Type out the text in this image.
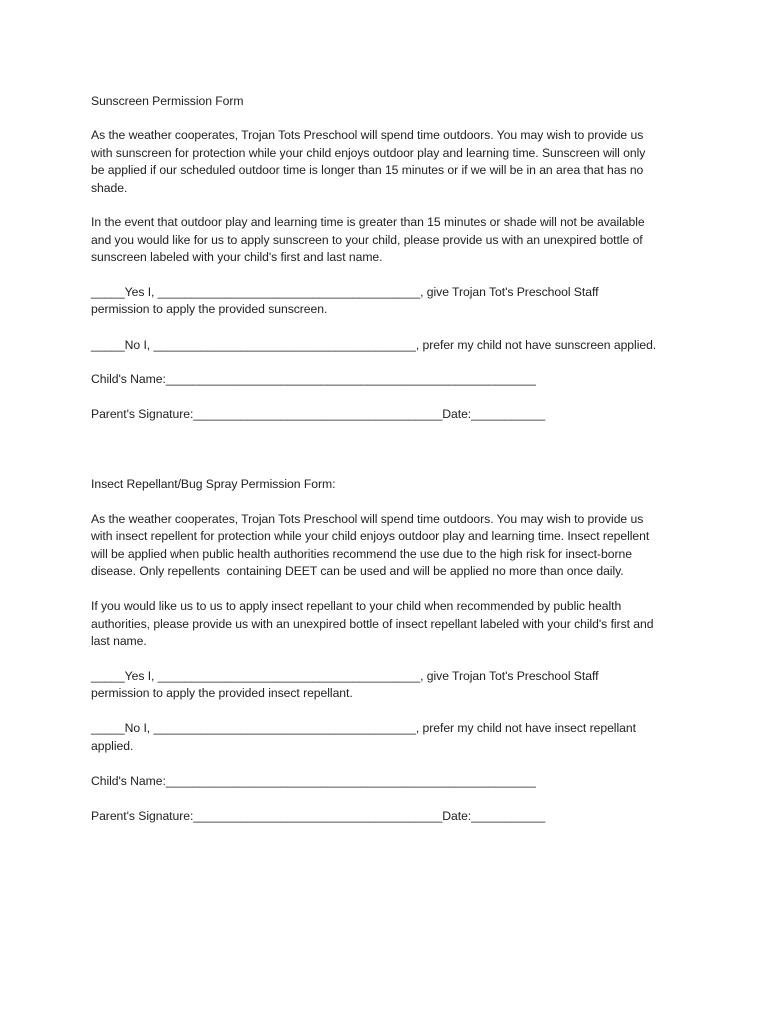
Sunscreen Permission Form
As the weather cooperates, Trojan Tots Preschool will spend time outdoors. You may wish to provide us
with sunscreen for protection while your child enjoys outdoor play and learning time. Sunscreen will only
be applied if our scheduled outdoor time is longer than 15 minutes or if we will be in an area that has no
shade.
In the event that outdoor play and learning time is greater than 15 minutes or shade will not be available
and you would like for us to apply sunscreen to your child, please provide us with an unexpired bottle of
sunscreen labeled with your child's first and last name.
_____Yes I, _______________________________________, give Trojan Tot's Preschool Staff
permission to apply the provided sunscreen.
_____No I, _______________________________________, prefer my child not have sunscreen applied.
Child's Name:_______________________________________________________
Parent's Signature:_____________________________________Date:___________
Insect Repellant/Bug Spray Permission Form:
As the weather cooperates, Trojan Tots Preschool will spend time outdoors. You may wish to provide us
with insect repellent for protection while your child enjoys outdoor play and learning time. Insect repellent
will be applied when public health authorities recommend the use due to the high risk for insect-borne
disease. Only repellents  containing DEET can be used and will be applied no more than once daily.
If you would like us to us to apply insect repellant to your child when recommended by public health
authorities, please provide us with an unexpired bottle of insect repellant labeled with your child's first and
last name.
_____Yes I, _______________________________________, give Trojan Tot's Preschool Staff
permission to apply the provided insect repellant.
_____No I, _______________________________________, prefer my child not have insect repellant
applied.
Child's Name:_______________________________________________________
Parent's Signature:_____________________________________Date:___________
